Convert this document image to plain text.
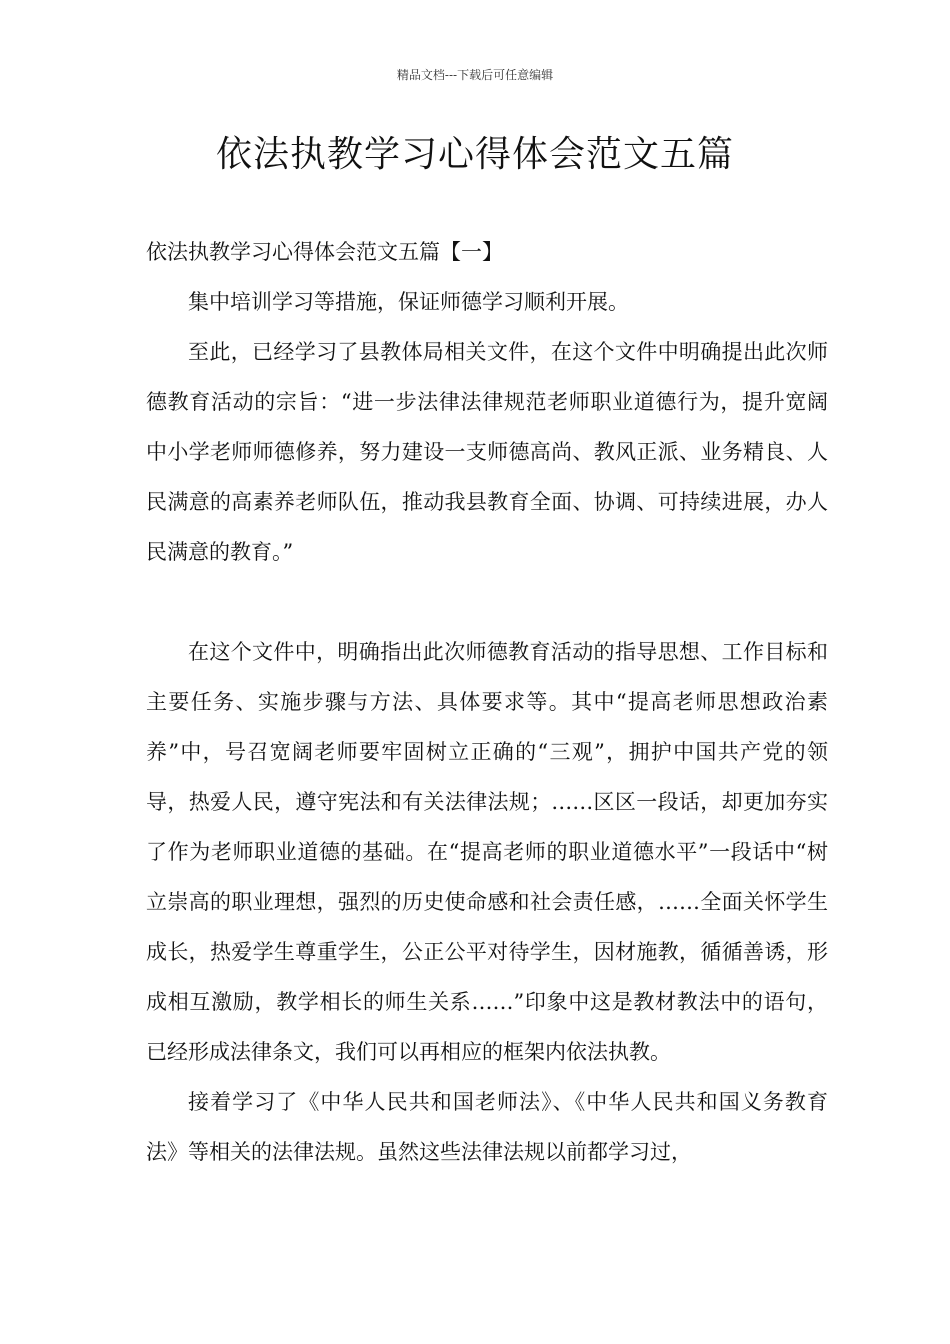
精品文档---下载后可任意编辑
依法执教学习心得体会范文五篇
依法执教学习心得体会范文五篇【一】

集中培训学习等措施，保证师德学习顺利开展。

至此，已经学习了县教体局相关文件，在这个文件中明确提出此次师德教育活动的宗旨：“进一步法律法律规范老师职业道德行为，提升宽阔中小学老师师德修养，努力建设一支师德高尚、教风正派、业务精良、人民满意的高素养老师队伍，推动我县教育全面、协调、可持续进展，办人民满意的教育。”

在这个文件中，明确指出此次师德教育活动的指导思想、工作目标和主要任务、实施步骤与方法、具体要求等。其中“提高老师思想政治素养”中，号召宽阔老师要牢固树立正确的“三观”，拥护中国共产党的领导，热爱人民，遵守宪法和有关法律法规；……区区一段话，却更加夯实了作为老师职业道德的基础。在“提高老师的职业道德水平”一段话中“树立崇高的职业理想，强烈的历史使命感和社会责任感，……全面关怀学生成长，热爱学生尊重学生，公正公平对待学生，因材施教，循循善诱，形成相互激励，教学相长的师生关系……”印象中这是教材教法中的语句，已经形成法律条文，我们可以再相应的框架内依法执教。

接着学习了《中华人民共和国老师法》、《中华人民共和国义务教育法》等相关的法律法规。虽然这些法律法规以前都学习过，
